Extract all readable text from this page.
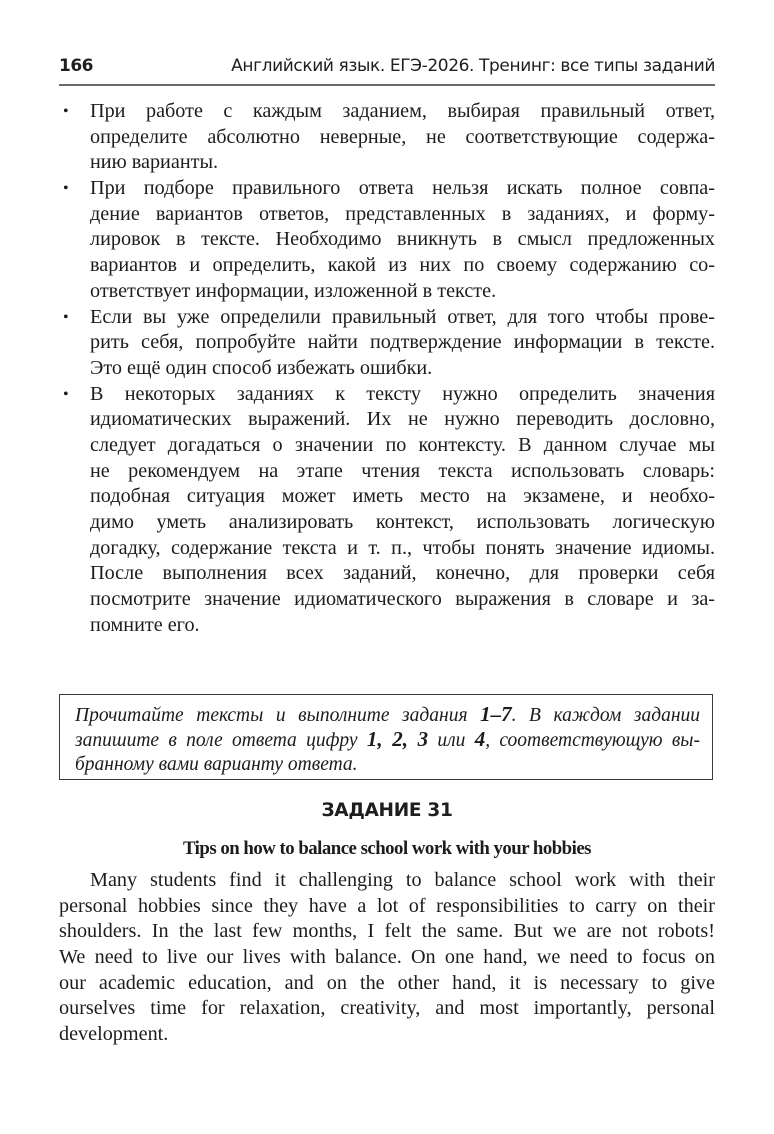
166	Английский язык. ЕГЭ-2026. Тренинг: все типы заданий
• При работе с каждым заданием, выбирая правильный ответ,
определите абсолютно неверные, не соответствующие содержа-
нию варианты.
• При подборе правильного ответа нельзя искать полное совпа-
дение вариантов ответов, представленных в заданиях, и форму-
лировок в тексте. Необходимо вникнуть в смысл предложенных
вариантов и определить, какой из них по своему содержанию со-
ответствует информации, изложенной в тексте.
• Если вы уже определили правильный ответ, для того чтобы прове-
рить себя, попробуйте найти подтверждение информации в тексте.
Это ещё один способ избежать ошибки.
• В некоторых заданиях к тексту нужно определить значения
идиоматических выражений. Их не нужно переводить дословно,
следует догадаться о значении по контексту. В данном случае мы
не рекомендуем на этапе чтения текста использовать словарь:
подобная ситуация может иметь место на экзамене, и необхо-
димо уметь анализировать контекст, использовать логическую
догадку, содержание текста и т. п., чтобы понять значение идиомы.
После выполнения всех заданий, конечно, для проверки себя
посмотрите значение идиоматического выражения в словаре и за-
помните его.
Прочитайте тексты и выполните задания 1–7. В каждом задании
запишите в поле ответа цифру 1, 2, 3 или 4, соответствующую вы-
бранному вами варианту ответа.
ЗАДАНИЕ 31
Tips on how to balance school work with your hobbies
Many students find it challenging to balance school work with their
personal hobbies since they have a lot of responsibilities to carry on their
shoulders. In the last few months, I felt the same. But we are not robots!
We need to live our lives with balance. On one hand, we need to focus on
our academic education, and on the other hand, it is necessary to give
ourselves time for relaxation, creativity, and most importantly, personal
development.
